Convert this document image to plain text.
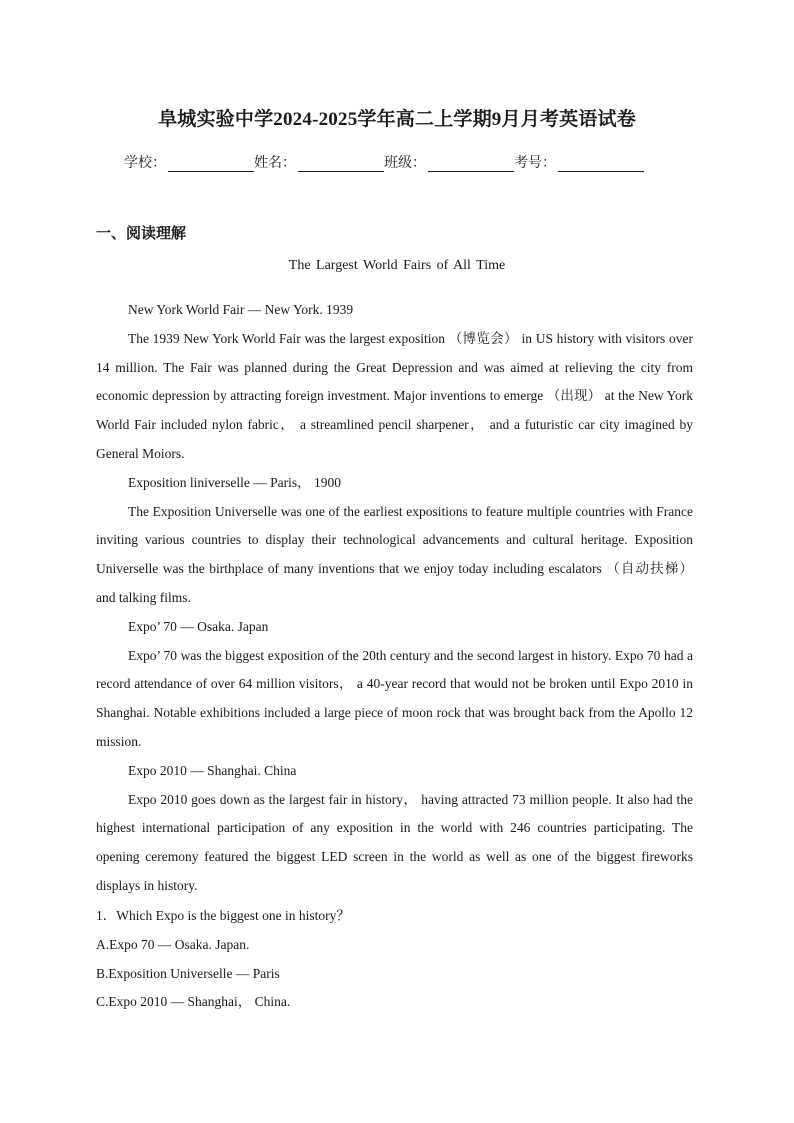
阜城实验中学2024-2025学年高二上学期9月月考英语试卷
学校：	姓名：	班级：	考号：
一、阅读理解
The Largest World Fairs of All Time

New York World Fair — New York. 1939

The 1939 New York World Fair was the largest exposition （博览会） in US history with visitors over 14 million. The Fair was planned during the Great Depression and was aimed at relieving the city from economic depression by attracting foreign investment. Major inventions to emerge （出现） at the New York World Fair included nylon fabric， a streamlined pencil sharpener， and a futuristic car city imagined by General Moiors.

Exposition liniverselle — Paris， 1900

The Exposition Universelle was one of the earliest expositions to feature multiple countries with France inviting various countries to display their technological advancements and cultural heritage. Exposition Universelle was the birthplace of many inventions that we enjoy today including escalators （自动扶梯） and talking films.

Expo’ 70 — Osaka. Japan

Expo’ 70 was the biggest exposition of the 20th century and the second largest in history. Expo 70 had a record attendance of over 64 million visitors， a 40-year record that would not be broken until Expo 2010 in Shanghai. Notable exhibitions included a large piece of moon rock that was brought back from the Apollo 12 mission.

Expo 2010 — Shanghai. China

Expo 2010 goes down as the largest fair in history， having attracted 73 million people. It also had the highest international participation of any exposition in the world with 246 countries participating. The opening ceremony featured the biggest LED screen in the world as well as one of the biggest fireworks displays in history.

1．Which Expo is the biggest one in history？

A.Expo 70 — Osaka. Japan.

B.Exposition Universelle — Paris

C.Expo 2010 — Shanghai， China.
